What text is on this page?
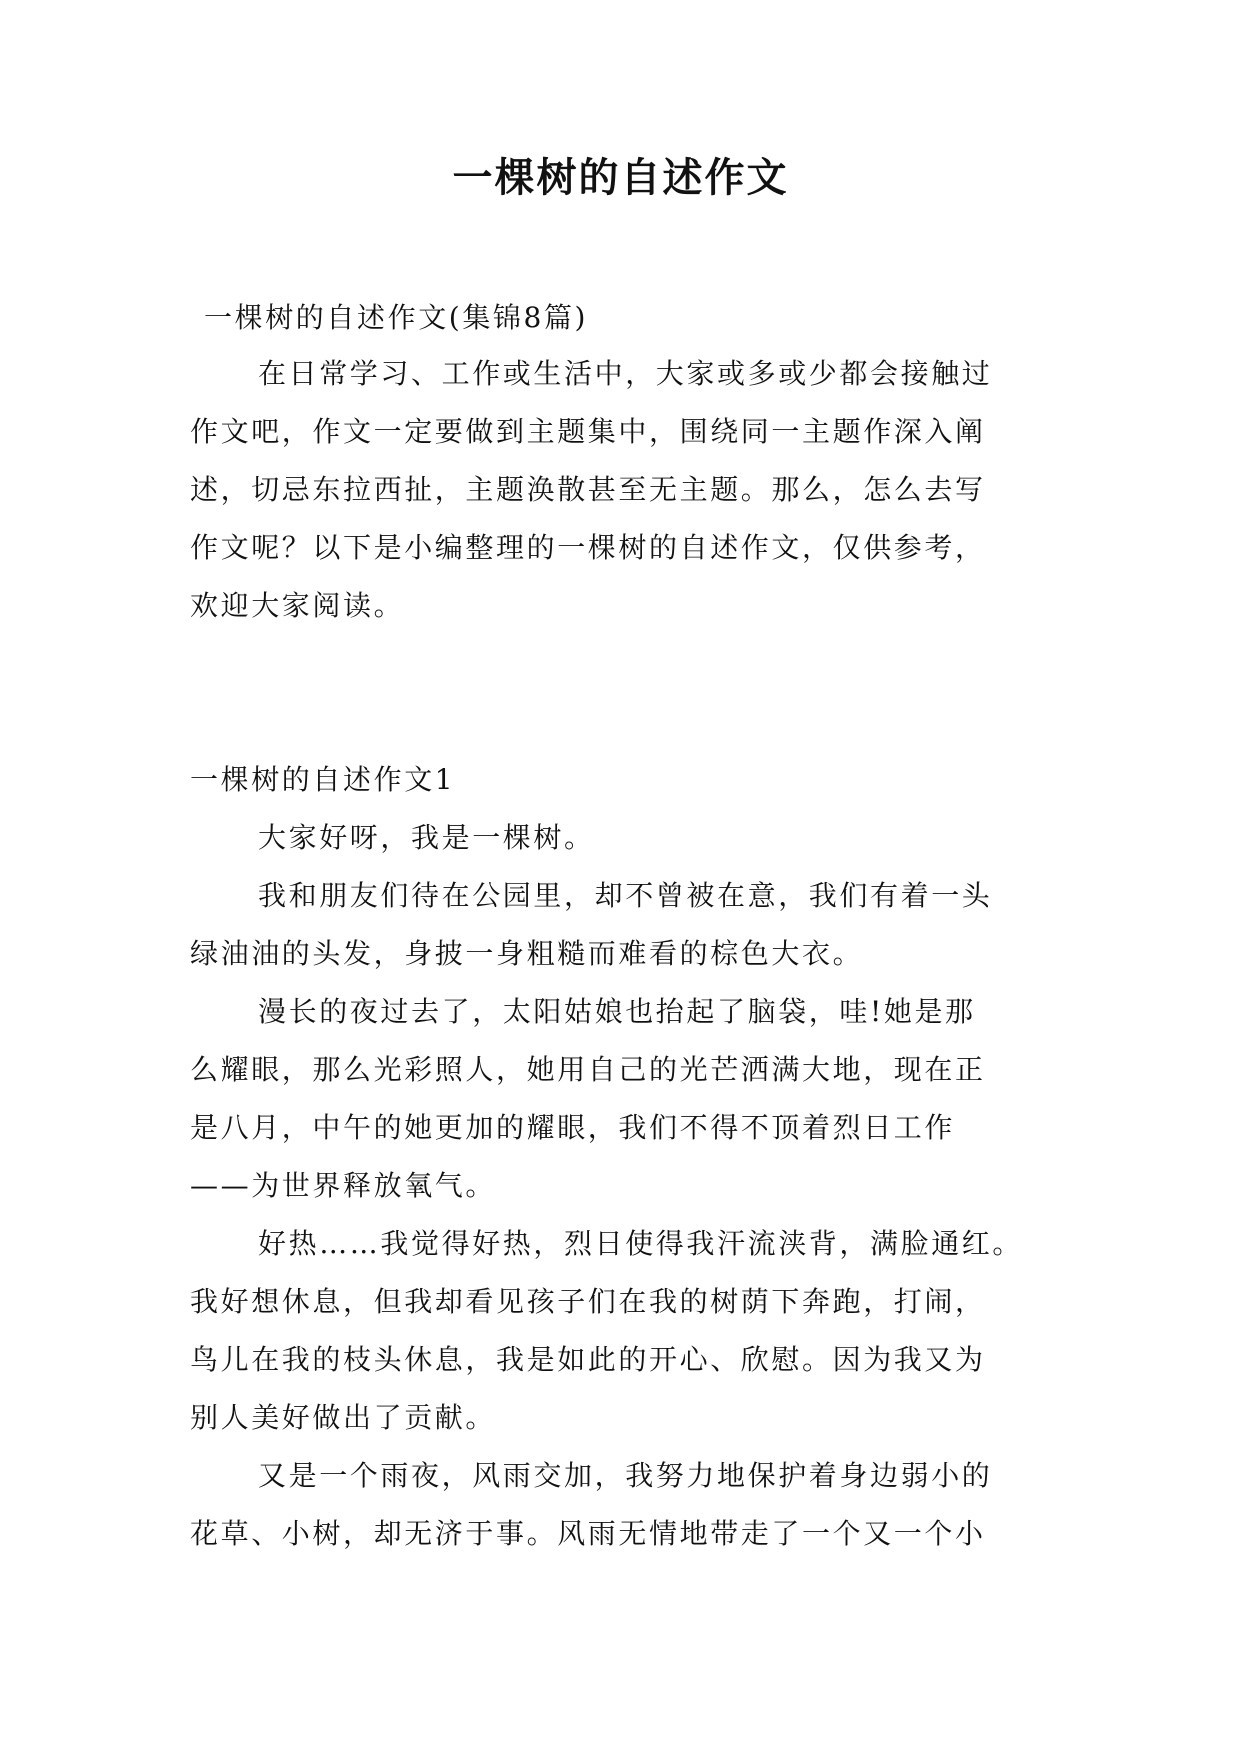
一棵树的自述作文
一棵树的自述作文(集锦8篇)
在日常学习、工作或生活中，大家或多或少都会接触过
作文吧，作文一定要做到主题集中，围绕同一主题作深入阐
述，切忌东拉西扯，主题涣散甚至无主题。那么，怎么去写
作文呢？以下是小编整理的一棵树的自述作文，仅供参考，
欢迎大家阅读。
一棵树的自述作文1
大家好呀，我是一棵树。
我和朋友们待在公园里，却不曾被在意，我们有着一头
绿油油的头发，身披一身粗糙而难看的棕色大衣。
漫长的夜过去了，太阳姑娘也抬起了脑袋，哇!她是那
么耀眼，那么光彩照人，她用自己的光芒洒满大地，现在正
是八月，中午的她更加的耀眼，我们不得不顶着烈日工作
——为世界释放氧气。
好热……我觉得好热，烈日使得我汗流浃背，满脸通红。
我好想休息，但我却看见孩子们在我的树荫下奔跑，打闹，
鸟儿在我的枝头休息，我是如此的开心、欣慰。因为我又为
别人美好做出了贡献。
又是一个雨夜，风雨交加，我努力地保护着身边弱小的
花草、小树，却无济于事。风雨无情地带走了一个又一个小
